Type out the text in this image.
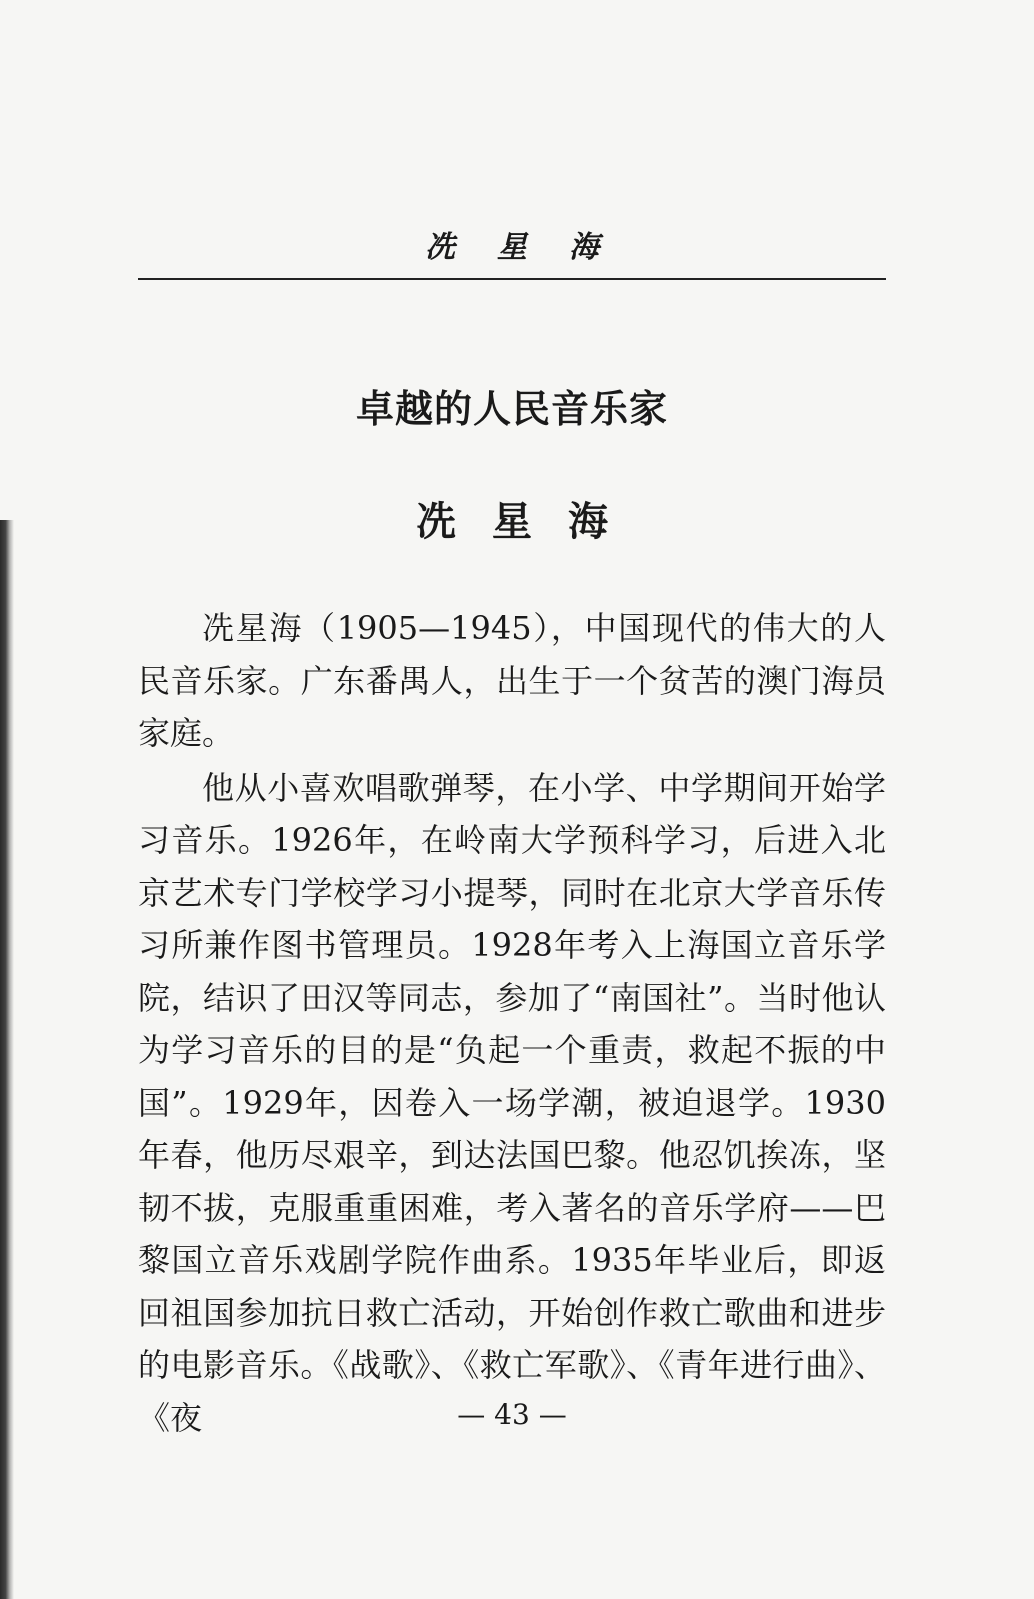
冼星海
卓越的人民音乐家
冼星海

冼星海（1905—1945），中国现代的伟大的人民音乐家。广东番禺人，出生于一个贫苦的澳门海员家庭。

他从小喜欢唱歌弹琴，在小学、中学期间开始学习音乐。1926年，在岭南大学预科学习，后进入北京艺术专门学校学习小提琴，同时在北京大学音乐传习所兼作图书管理员。1928年考入上海国立音乐学院，结识了田汉等同志，参加了“南国社”。当时他认为学习音乐的目的是“负起一个重责，救起不振的中国”。1929年，因卷入一场学潮，被迫退学。1930年春，他历尽艰辛，到达法国巴黎。他忍饥挨冻，坚韧不拔，克服重重困难，考入著名的音乐学府——巴黎国立音乐戏剧学院作曲系。1935年毕业后，即返回祖国参加抗日救亡活动，开始创作救亡歌曲和进步的电影音乐。《战歌》、《救亡军歌》、《青年进行曲》、《夜	— 43 —
